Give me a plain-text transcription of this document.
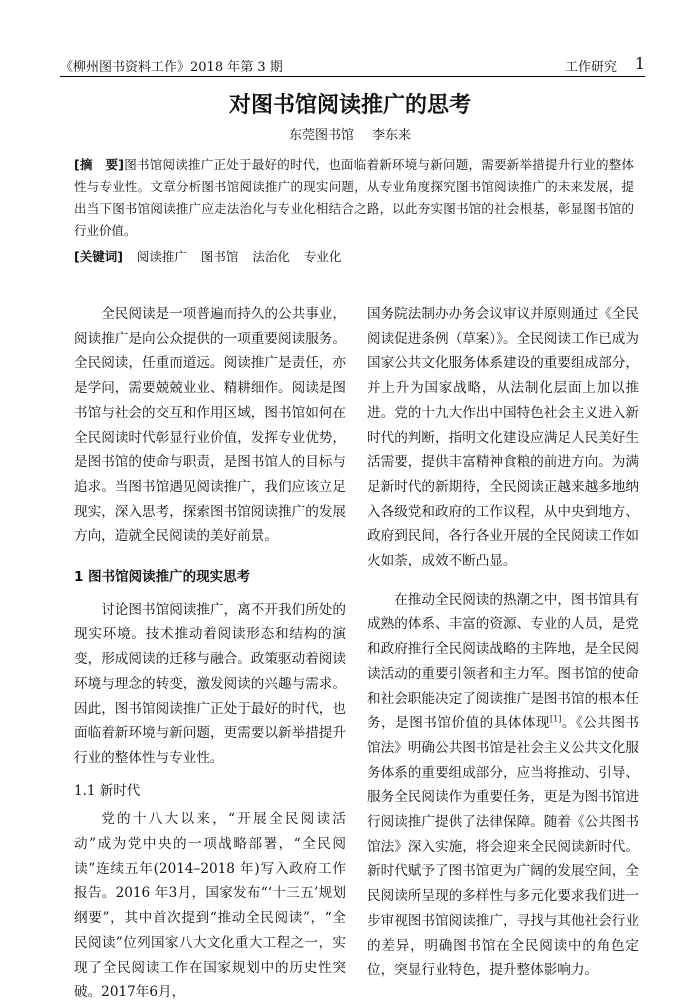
《柳州图书资料工作》2018 年第 3 期	工作研究 1
对图书馆阅读推广的思考
东莞图书馆 李东来
[摘　要]图书馆阅读推广正处于最好的时代，也面临着新环境与新问题，需要新举措提升行业的整体性与专业性。文章分析图书馆阅读推广的现实问题，从专业角度探究图书馆阅读推广的未来发展，提出当下图书馆阅读推广应走法治化与专业化相结合之路，以此夯实图书馆的社会根基，彰显图书馆的行业价值。
[关键词] 阅读推广 图书馆 法治化 专业化

全民阅读是一项普遍而持久的公共事业，阅读推广是向公众提供的一项重要阅读服务。全民阅读，任重而道远。阅读推广是责任，亦是学问，需要兢兢业业、精耕细作。阅读是图书馆与社会的交互和作用区域，图书馆如何在全民阅读时代彰显行业价值，发挥专业优势，是图书馆的使命与职责，是图书馆人的目标与追求。当图书馆遇见阅读推广，我们应该立足现实，深入思考，探索图书馆阅读推广的发展方向，造就全民阅读的美好前景。

1 图书馆阅读推广的现实思考

讨论图书馆阅读推广，离不开我们所处的现实环境。技术推动着阅读形态和结构的演变，形成阅读的迁移与融合。政策驱动着阅读环境与理念的转变，激发阅读的兴趣与需求。因此，图书馆阅读推广正处于最好的时代，也面临着新环境与新问题，更需要以新举措提升行业的整体性与专业性。

1.1 新时代

党的十八大以来，“开展全民阅读活动”成为党中央的一项战略部署，“全民阅读”连续五年(2014–2018 年)写入政府工作报告。2016 年3月，国家发布“‘十三五’规划纲要”，其中首次提到“推动全民阅读”，“全民阅读”位列国家八大文化重大工程之一，实现了全民阅读工作在国家规划中的历史性突破。2017年6月，

国务院法制办办务会议审议并原则通过《全民阅读促进条例（草案）》。全民阅读工作已成为国家公共文化服务体系建设的重要组成部分，并上升为国家战略，从法制化层面上加以推进。党的十九大作出中国特色社会主义进入新时代的判断，指明文化建设应满足人民美好生活需要，提供丰富精神食粮的前进方向。为满足新时代的新期待，全民阅读正越来越多地纳入各级党和政府的工作议程，从中央到地方、政府到民间，各行各业开展的全民阅读工作如火如荼，成效不断凸显。

在推动全民阅读的热潮之中，图书馆具有成熟的体系、丰富的资源、专业的人员，是党和政府推行全民阅读战略的主阵地，是全民阅读活动的重要引领者和主力军。图书馆的使命和社会职能决定了阅读推广是图书馆的根本任务，是图书馆价值的具体体现[1]。《公共图书馆法》明确公共图书馆是社会主义公共文化服务体系的重要组成部分，应当将推动、引导、服务全民阅读作为重要任务，更是为图书馆进行阅读推广提供了法律保障。随着《公共图书馆法》深入实施，将会迎来全民阅读新时代。新时代赋予了图书馆更为广阔的发展空间，全民阅读所呈现的多样性与多元化要求我们进一步审视图书馆阅读推广，寻找与其他社会行业的差异，明确图书馆在全民阅读中的角色定位，突显行业特色，提升整体影响力。
